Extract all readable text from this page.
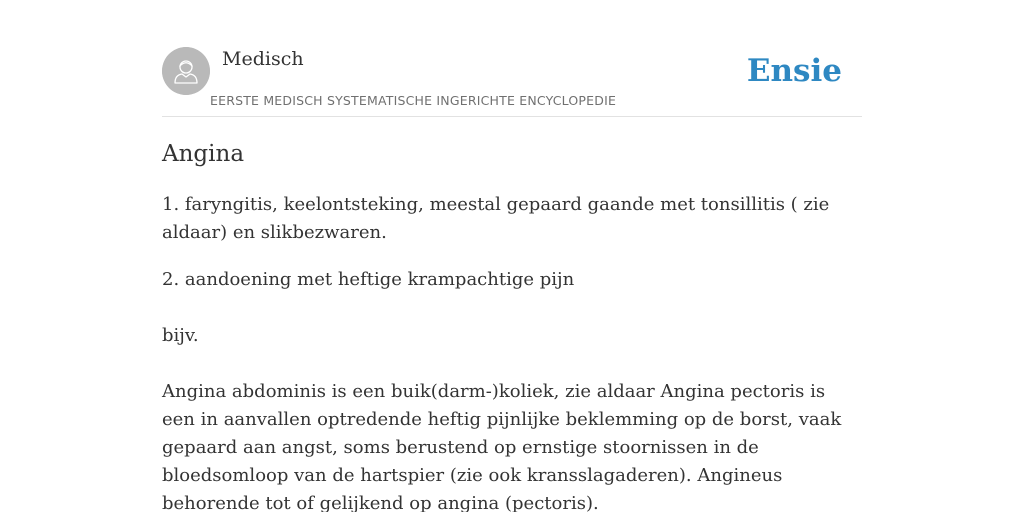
Medisch
EERSTE MEDISCH SYSTEMATISCHE INGERICHTE ENCYCLOPEDIE
Ensie
Angina

1. faryngitis, keelontsteking, meestal gepaard gaande met tonsillitis ( zie aldaar) en slikbezwaren.

2. aandoening met heftige krampachtige pijn

bijv.

Angina abdominis is een buik(darm-)koliek, zie aldaar Angina pectoris is een in aanvallen optredende heftig pijnlijke beklemming op de borst, vaak gepaard aan angst, soms berustend op ernstige stoornissen in de bloedsomloop van de hartspier (zie ook kransslagaderen). Angineus behorende tot of gelijkend op angina (pectoris).
